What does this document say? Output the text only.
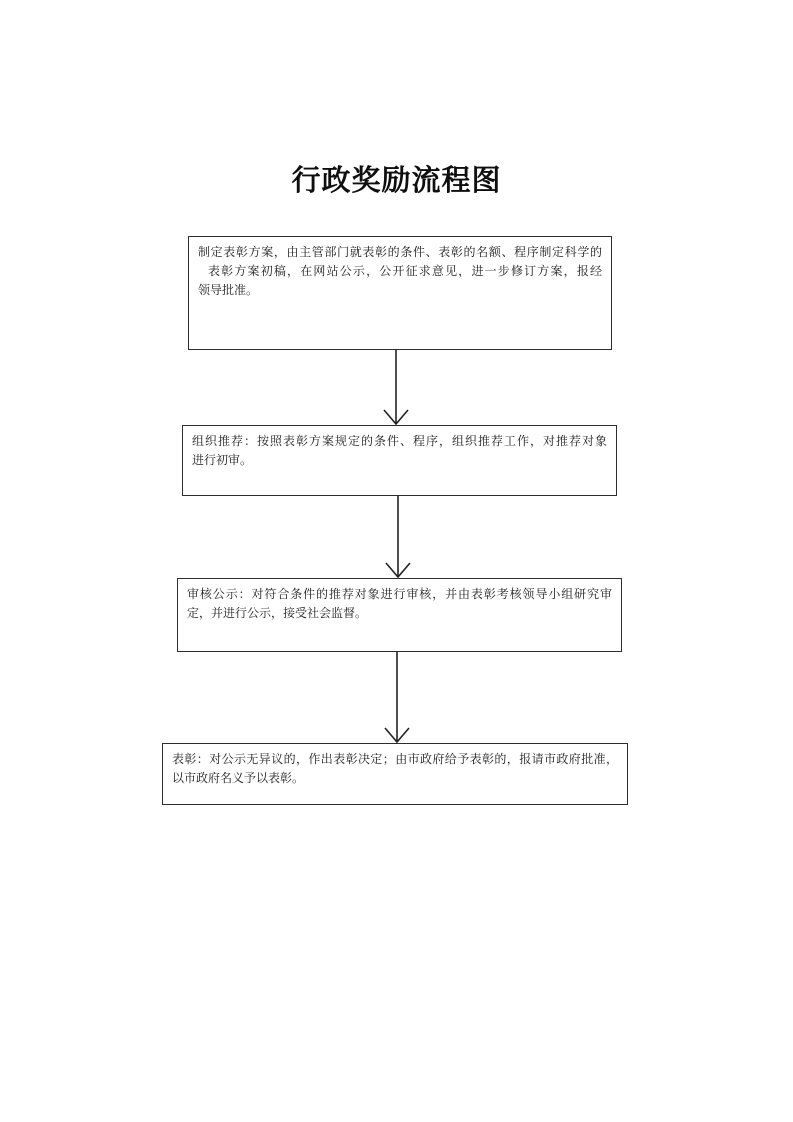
行政奖励流程图
制定表彰方案，由主管部门就表彰的条件、表彰的名额、程序制定科学的
表彰方案初稿，在网站公示，公开征求意见，进一步修订方案，报经
领导批准。
组织推荐：按照表彰方案规定的条件、程序，组织推荐工作，对推荐对象
进行初审。
审核公示：对符合条件的推荐对象进行审核，并由表彰考核领导小组研究审
定，并进行公示，接受社会监督。
表彰：对公示无异议的，作出表彰决定；由市政府给予表彰的，报请市政府批准，
以市政府名义予以表彰。
